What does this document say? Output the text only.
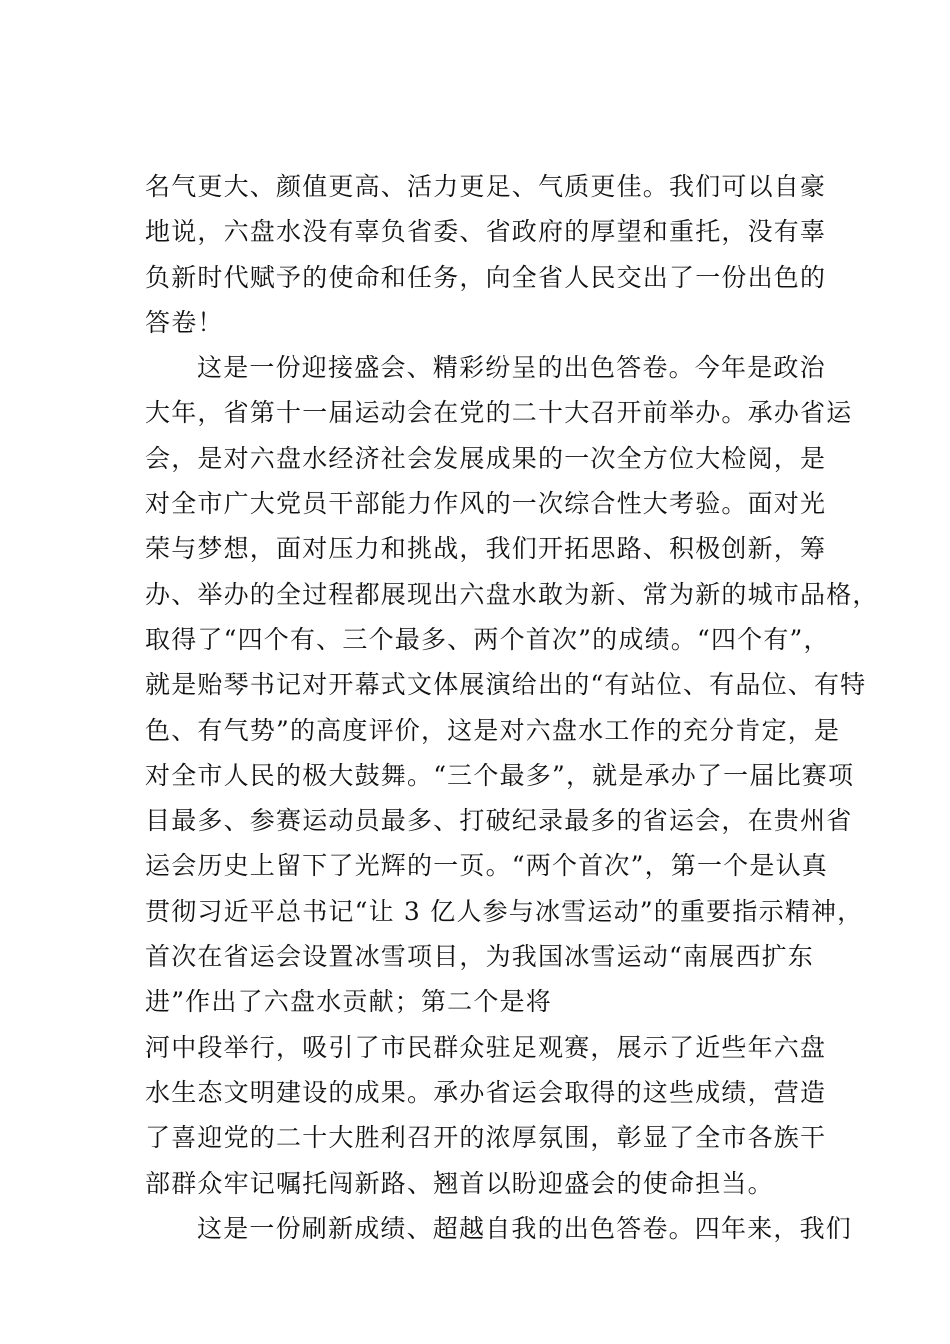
名气更大、颜值更高、活力更足、气质更佳。我们可以自豪
地说，六盘水没有辜负省委、省政府的厚望和重托，没有辜
负新时代赋予的使命和任务，向全省人民交出了一份出色的
答卷！
这是一份迎接盛会、精彩纷呈的出色答卷。今年是政治
大年，省第十一届运动会在党的二十大召开前举办。承办省运
会，是对六盘水经济社会发展成果的一次全方位大检阅，是
对全市广大党员干部能力作风的一次综合性大考验。面对光
荣与梦想，面对压力和挑战，我们开拓思路、积极创新，筹
办、举办的全过程都展现出六盘水敢为新、常为新的城市品格，
取得了“四个有、三个最多、两个首次”的成绩。“四个有”，
就是贻琴书记对开幕式文体展演给出的“有站位、有品位、有特
色、有气势”的高度评价，这是对六盘水工作的充分肯定，是
对全市人民的极大鼓舞。“三个最多”，就是承办了一届比赛项
目最多、参赛运动员最多、打破纪录最多的省运会，在贵州省
运会历史上留下了光辉的一页。“两个首次”，第一个是认真
贯彻习近平总书记“让 3 亿人参与冰雪运动”的重要指示精神，
首次在省运会设置冰雪项目，为我国冰雪运动“南展西扩东
进”作出了六盘水贡献；第二个是将
河中段举行，吸引了市民群众驻足观赛，展示了近些年六盘
水生态文明建设的成果。承办省运会取得的这些成绩，营造
了喜迎党的二十大胜利召开的浓厚氛围，彰显了全市各族干
部群众牢记嘱托闯新路、翘首以盼迎盛会的使命担当。
这是一份刷新成绩、超越自我的出色答卷。四年来，我们
